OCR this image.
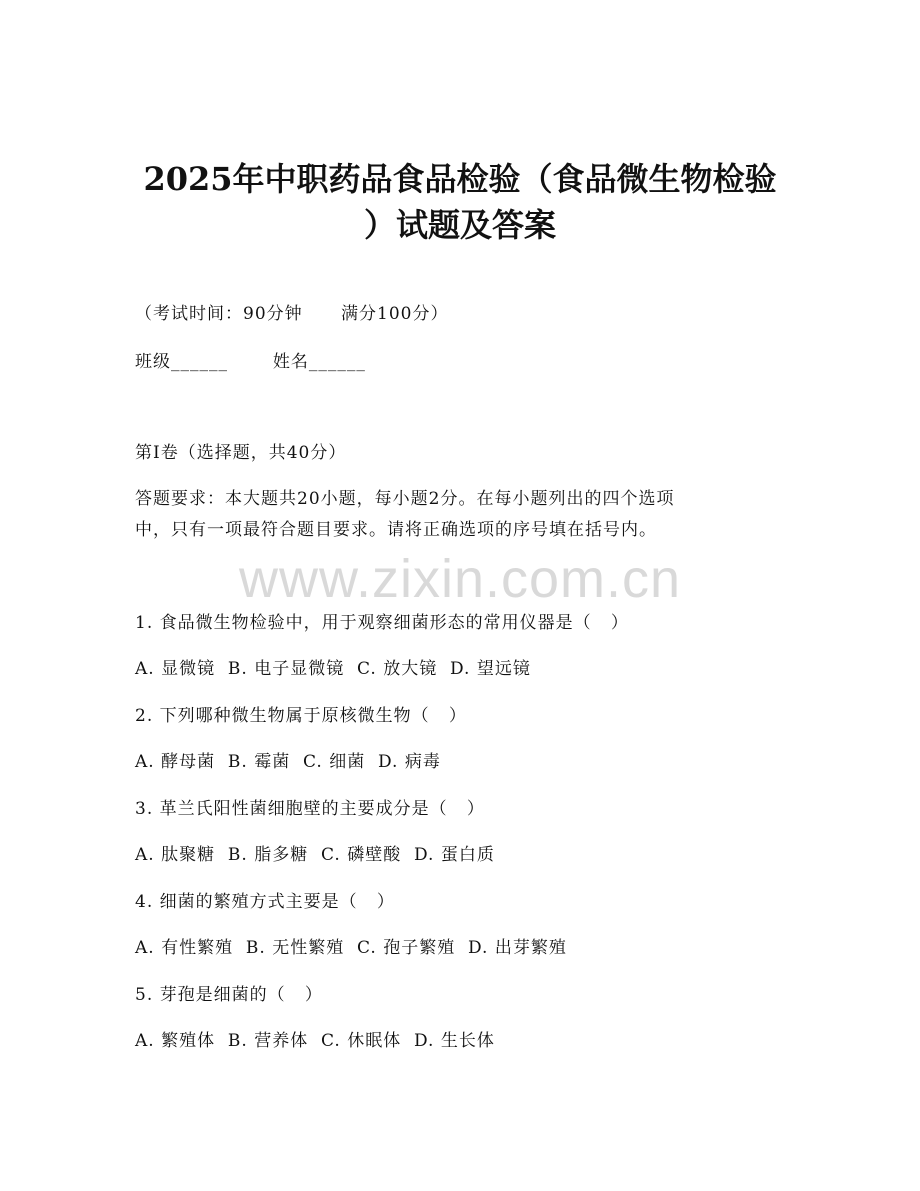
2025年中职药品食品检验（食品微生物检验
）试题及答案
（考试时间：90分钟      满分100分）
班级______       姓名______
第I卷（选择题，共40分）
答题要求：本大题共20小题，每小题2分。在每小题列出的四个选项
中，只有一项最符合题目要求。请将正确选项的序号填在括号内。
www.zixin.com.cn
1. 食品微生物检验中，用于观察细菌形态的常用仪器是（   ）
A. 显微镜  B. 电子显微镜  C. 放大镜  D. 望远镜
2. 下列哪种微生物属于原核微生物（   ）
A. 酵母菌  B. 霉菌  C. 细菌  D. 病毒
3. 革兰氏阳性菌细胞壁的主要成分是（   ）
A. 肽聚糖  B. 脂多糖  C. 磷壁酸  D. 蛋白质
4. 细菌的繁殖方式主要是（   ）
A. 有性繁殖  B. 无性繁殖  C. 孢子繁殖  D. 出芽繁殖
5. 芽孢是细菌的（   ）
A. 繁殖体  B. 营养体  C. 休眠体  D. 生长体
